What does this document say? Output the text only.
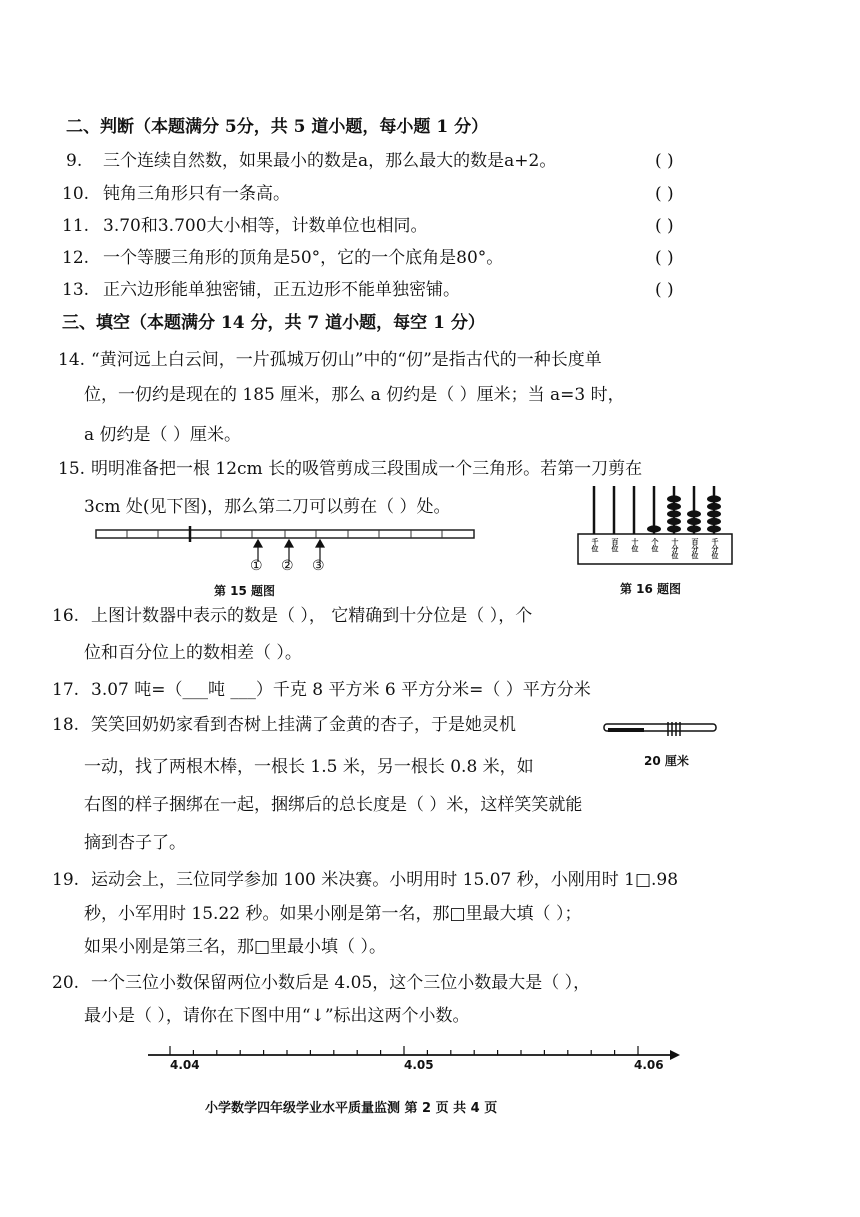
二、判断（本题满分 5分，共 5 道小题，每小题 1 分）
9. 三个连续自然数，如果最小的数是a，那么最大的数是a+2。	( )
10. 钝角三角形只有一条高。	( )
11. 3.70和3.700大小相等，计数单位也相同。	( )
12. 一个等腰三角形的顶角是50°，它的一个底角是80°。	( )
13. 正六边形能单独密铺，正五边形不能单独密铺。	( )
三、填空（本题满分 14 分，共 7 道小题，每空 1 分）
14. “黄河远上白云间，一片孤城万仞山”中的“仞”是指古代的一种长度单
位，一仞约是现在的 185 厘米，那么 a 仞约是（ ）厘米；当 a=3 时，
a 仞约是（ ）厘米。
15. 明明准备把一根 12cm 长的吸管剪成三段围成一个三角形。若第一刀剪在
3cm 处(见下图)，那么第二刀可以剪在（ ）处。
① ② ③
第 15 题图
千位 百位 十位 个位 十分位 百分位 千分位
第 16 题图
16. 上图计数器中表示的数是（ ）， 它精确到十分位是（ ），个
位和百分位上的数相差（ ）。
17. 3.07 吨=（___吨 ___）千克 8 平方米 6 平方分米=（ ）平方分米
18. 笑笑回奶奶家看到杏树上挂满了金黄的杏子，于是她灵机
一动，找了两根木棒，一根长 1.5 米，另一根长 0.8 米，如
右图的样子捆绑在一起，捆绑后的总长度是（ ）米，这样笑笑就能
摘到杏子了。
20 厘米
19. 运动会上，三位同学参加 100 米决赛。小明用时 15.07 秒，小刚用时 1□.98
秒，小军用时 15.22 秒。如果小刚是第一名，那□里最大填（ ）；
如果小刚是第三名，那□里最小填（ ）。
20. 一个三位小数保留两位小数后是 4.05，这个三位小数最大是（ ），
最小是（ ），请你在下图中用“↓”标出这两个小数。
4.04	4.05	4.06
小学数学四年级学业水平质量监测 第 2 页 共 4 页
